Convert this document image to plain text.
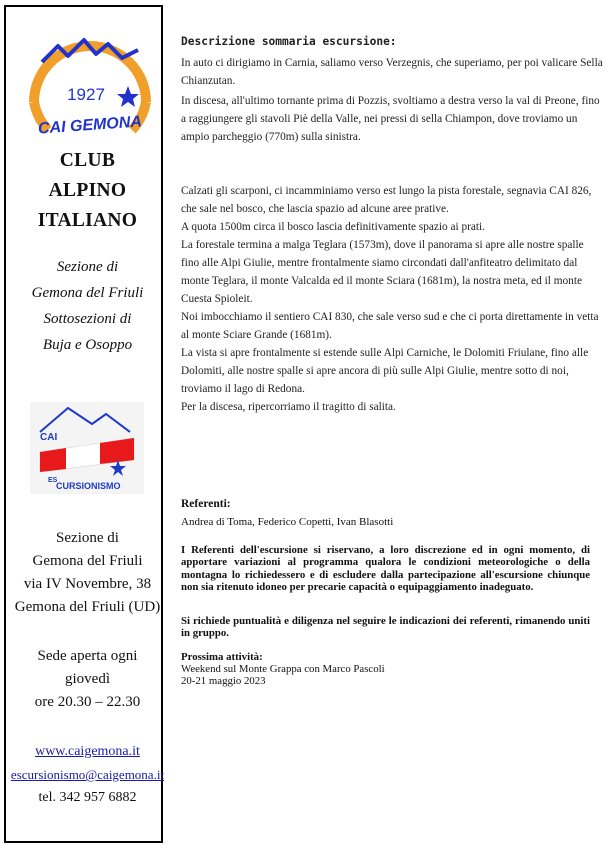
1927
CAI GEMONA
CLUB
ALPINO
ITALIANO
Sezione di
Gemona del Friuli
Sottosezioni di
Buja e Osoppo
CAI
ES
CURSIONISMO
Sezione di
Gemona del Friuli
via IV Novembre, 38
Gemona del Friuli (UD)
Sede aperta ogni
giovedì
ore 20.30 – 22.30
www.caigemona.it
escursionismo@caigemona.it
tel. 342 957 6882
Descrizione sommaria escursione:
In auto ci dirigiamo in Carnia, saliamo verso Verzegnis, che superiamo, per poi valicare Sella Chianzutan.
In discesa, all'ultimo tornante prima di Pozzis, svoltiamo a destra verso la val di Preone, fino a raggiungere gli stavoli Piè della Valle, nei pressi di sella Chiampon, dove troviamo un ampio parcheggio (770m) sulla sinistra.
Calzati gli scarponi, ci incamminiamo verso est lungo la pista forestale, segnavia CAI 826, che sale nel bosco, che lascia spazio ad alcune aree prative.
A quota 1500m circa il bosco lascia definitivamente spazio ai prati.
La forestale termina a malga Teglara (1573m), dove il panorama si apre alle nostre spalle fino alle Alpi Giulie, mentre frontalmente siamo circondati dall'anfiteatro delimitato dal monte Teglara, il monte Valcalda ed il monte Sciara (1681m), la nostra meta, ed il monte Cuesta Spioleit.
Noi imbocchiamo il sentiero CAI 830, che sale verso sud e che ci porta direttamente in vetta al monte Sciare Grande (1681m).
La vista si apre frontalmente si estende sulle Alpi Carniche, le Dolomiti Friulane, fino alle Dolomiti, alle nostre spalle si apre ancora di più sulle Alpi Giulie, mentre sotto di noi, troviamo il lago di Redona.
Per la discesa, ripercorriamo il tragitto di salita.
Referenti:
Andrea di Toma, Federico Copetti, Ivan Blasotti
I Referenti dell'escursione si riservano, a loro discrezione ed in ogni momento, di apportare variazioni al programma qualora le condizioni meteorologiche o della montagna lo richiedessero e di escludere dalla partecipazione all'escursione chiunque non sia ritenuto idoneo per precarie capacità o equipaggiamento inadeguato.
Si richiede puntualità e diligenza nel seguire le indicazioni dei referenti, rimanendo uniti in gruppo.
Prossima attività:
Weekend sul Monte Grappa con Marco Pascoli
20-21 maggio 2023
